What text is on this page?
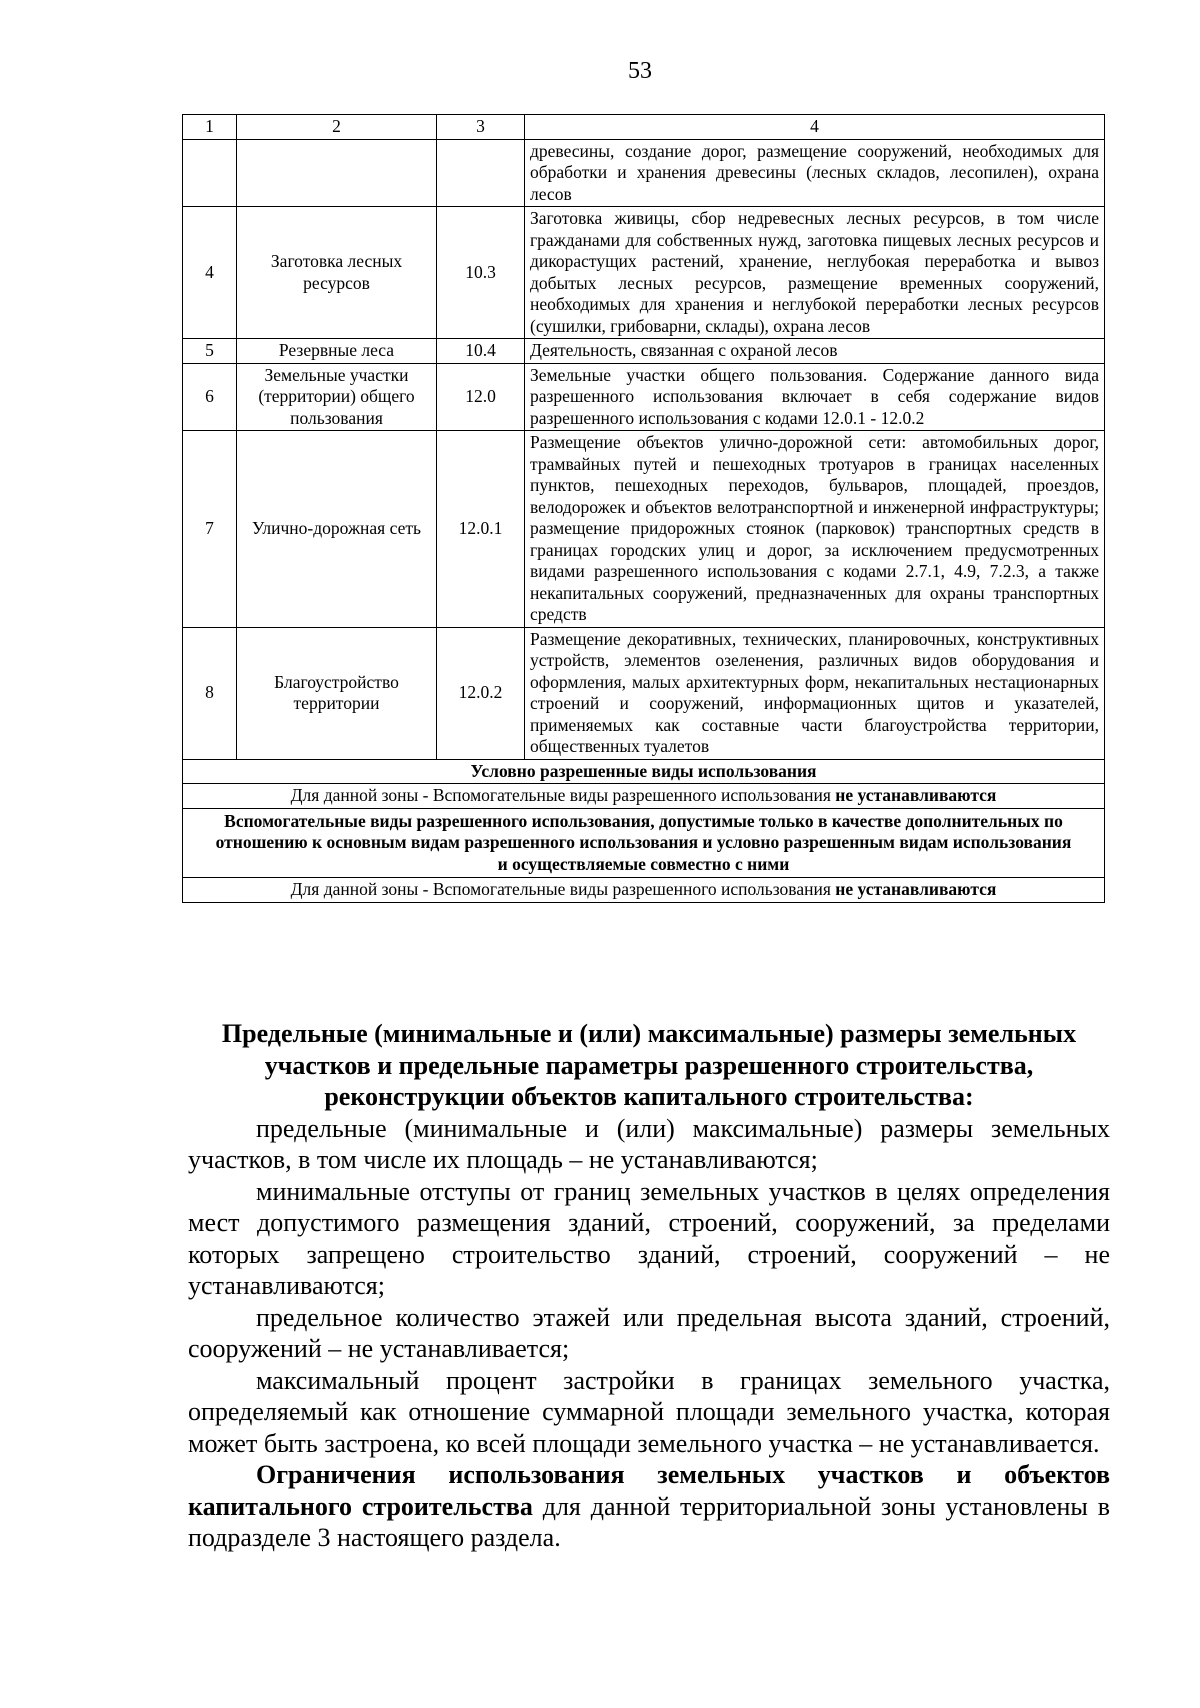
53
1	2	3	4
			древесины, создание дорог, размещение сооружений, необходимых для обработки и хранения древесины (лесных складов, лесопилен), охрана лесов
4	Заготовка лесных ресурсов	10.3	Заготовка живицы, сбор недревесных лесных ресурсов, в том числе гражданами для собственных нужд, заготовка пищевых лесных ресурсов и дикорастущих растений, хранение, неглубокая переработка и вывоз добытых лесных ресурсов, размещение временных сооружений, необходимых для хранения и неглубокой переработки лесных ресурсов (сушилки, грибоварни, склады), охрана лесов
5	Резервные леса	10.4	Деятельность, связанная с охраной лесов
6	Земельные участки (территории) общего пользования	12.0	Земельные участки общего пользования. Содержание данного вида разрешенного использования включает в себя содержание видов разрешенного использования с кодами 12.0.1 - 12.0.2
7	Улично-дорожная сеть	12.0.1	Размещение объектов улично-дорожной сети: автомобильных дорог, трамвайных путей и пешеходных тротуаров в границах населенных пунктов, пешеходных переходов, бульваров, площадей, проездов, велодорожек и объектов велотранспортной и инженерной инфраструктуры; размещение придорожных стоянок (парковок) транспортных средств в границах городских улиц и дорог, за исключением предусмотренных видами разрешенного использования с кодами 2.7.1, 4.9, 7.2.3, а также некапитальных сооружений, предназначенных для охраны транспортных средств
8	Благоустройство территории	12.0.2	Размещение декоративных, технических, планировочных, конструктивных устройств, элементов озеленения, различных видов оборудования и оформления, малых архитектурных форм, некапитальных нестационарных строений и сооружений, информационных щитов и указателей, применяемых как составные части благоустройства территории, общественных туалетов
Условно разрешенные виды использования			
Для данной зоны - Вспомогательные виды разрешенного использования не устанавливаются			
Вспомогательные виды разрешенного использования, допустимые только в качестве дополнительных по отношению к основным видам разрешенного использования и условно разрешенным видам использования и осуществляемые совместно с ними			
Для данной зоны - Вспомогательные виды разрешенного использования не устанавливаются			

Предельные (минимальные и (или) максимальные) размеры земельных участков и предельные параметры разрешенного строительства, реконструкции объектов капитального строительства:

предельные (минимальные и (или) максимальные) размеры земельных участков, в том числе их площадь – не устанавливаются;

минимальные отступы от границ земельных участков в целях определения мест допустимого размещения зданий, строений, сооружений, за пределами которых запрещено строительство зданий, строений, сооружений – не устанавливаются;

предельное количество этажей или предельная высота зданий, строений, сооружений – не устанавливается;

максимальный процент застройки в границах земельного участка, определяемый как отношение суммарной площади земельного участка, которая может быть застроена, ко всей площади земельного участка – не устанавливается.

Ограничения использования земельных участков и объектов капитального строительства для данной территориальной зоны установлены в подразделе 3 настоящего раздела.
